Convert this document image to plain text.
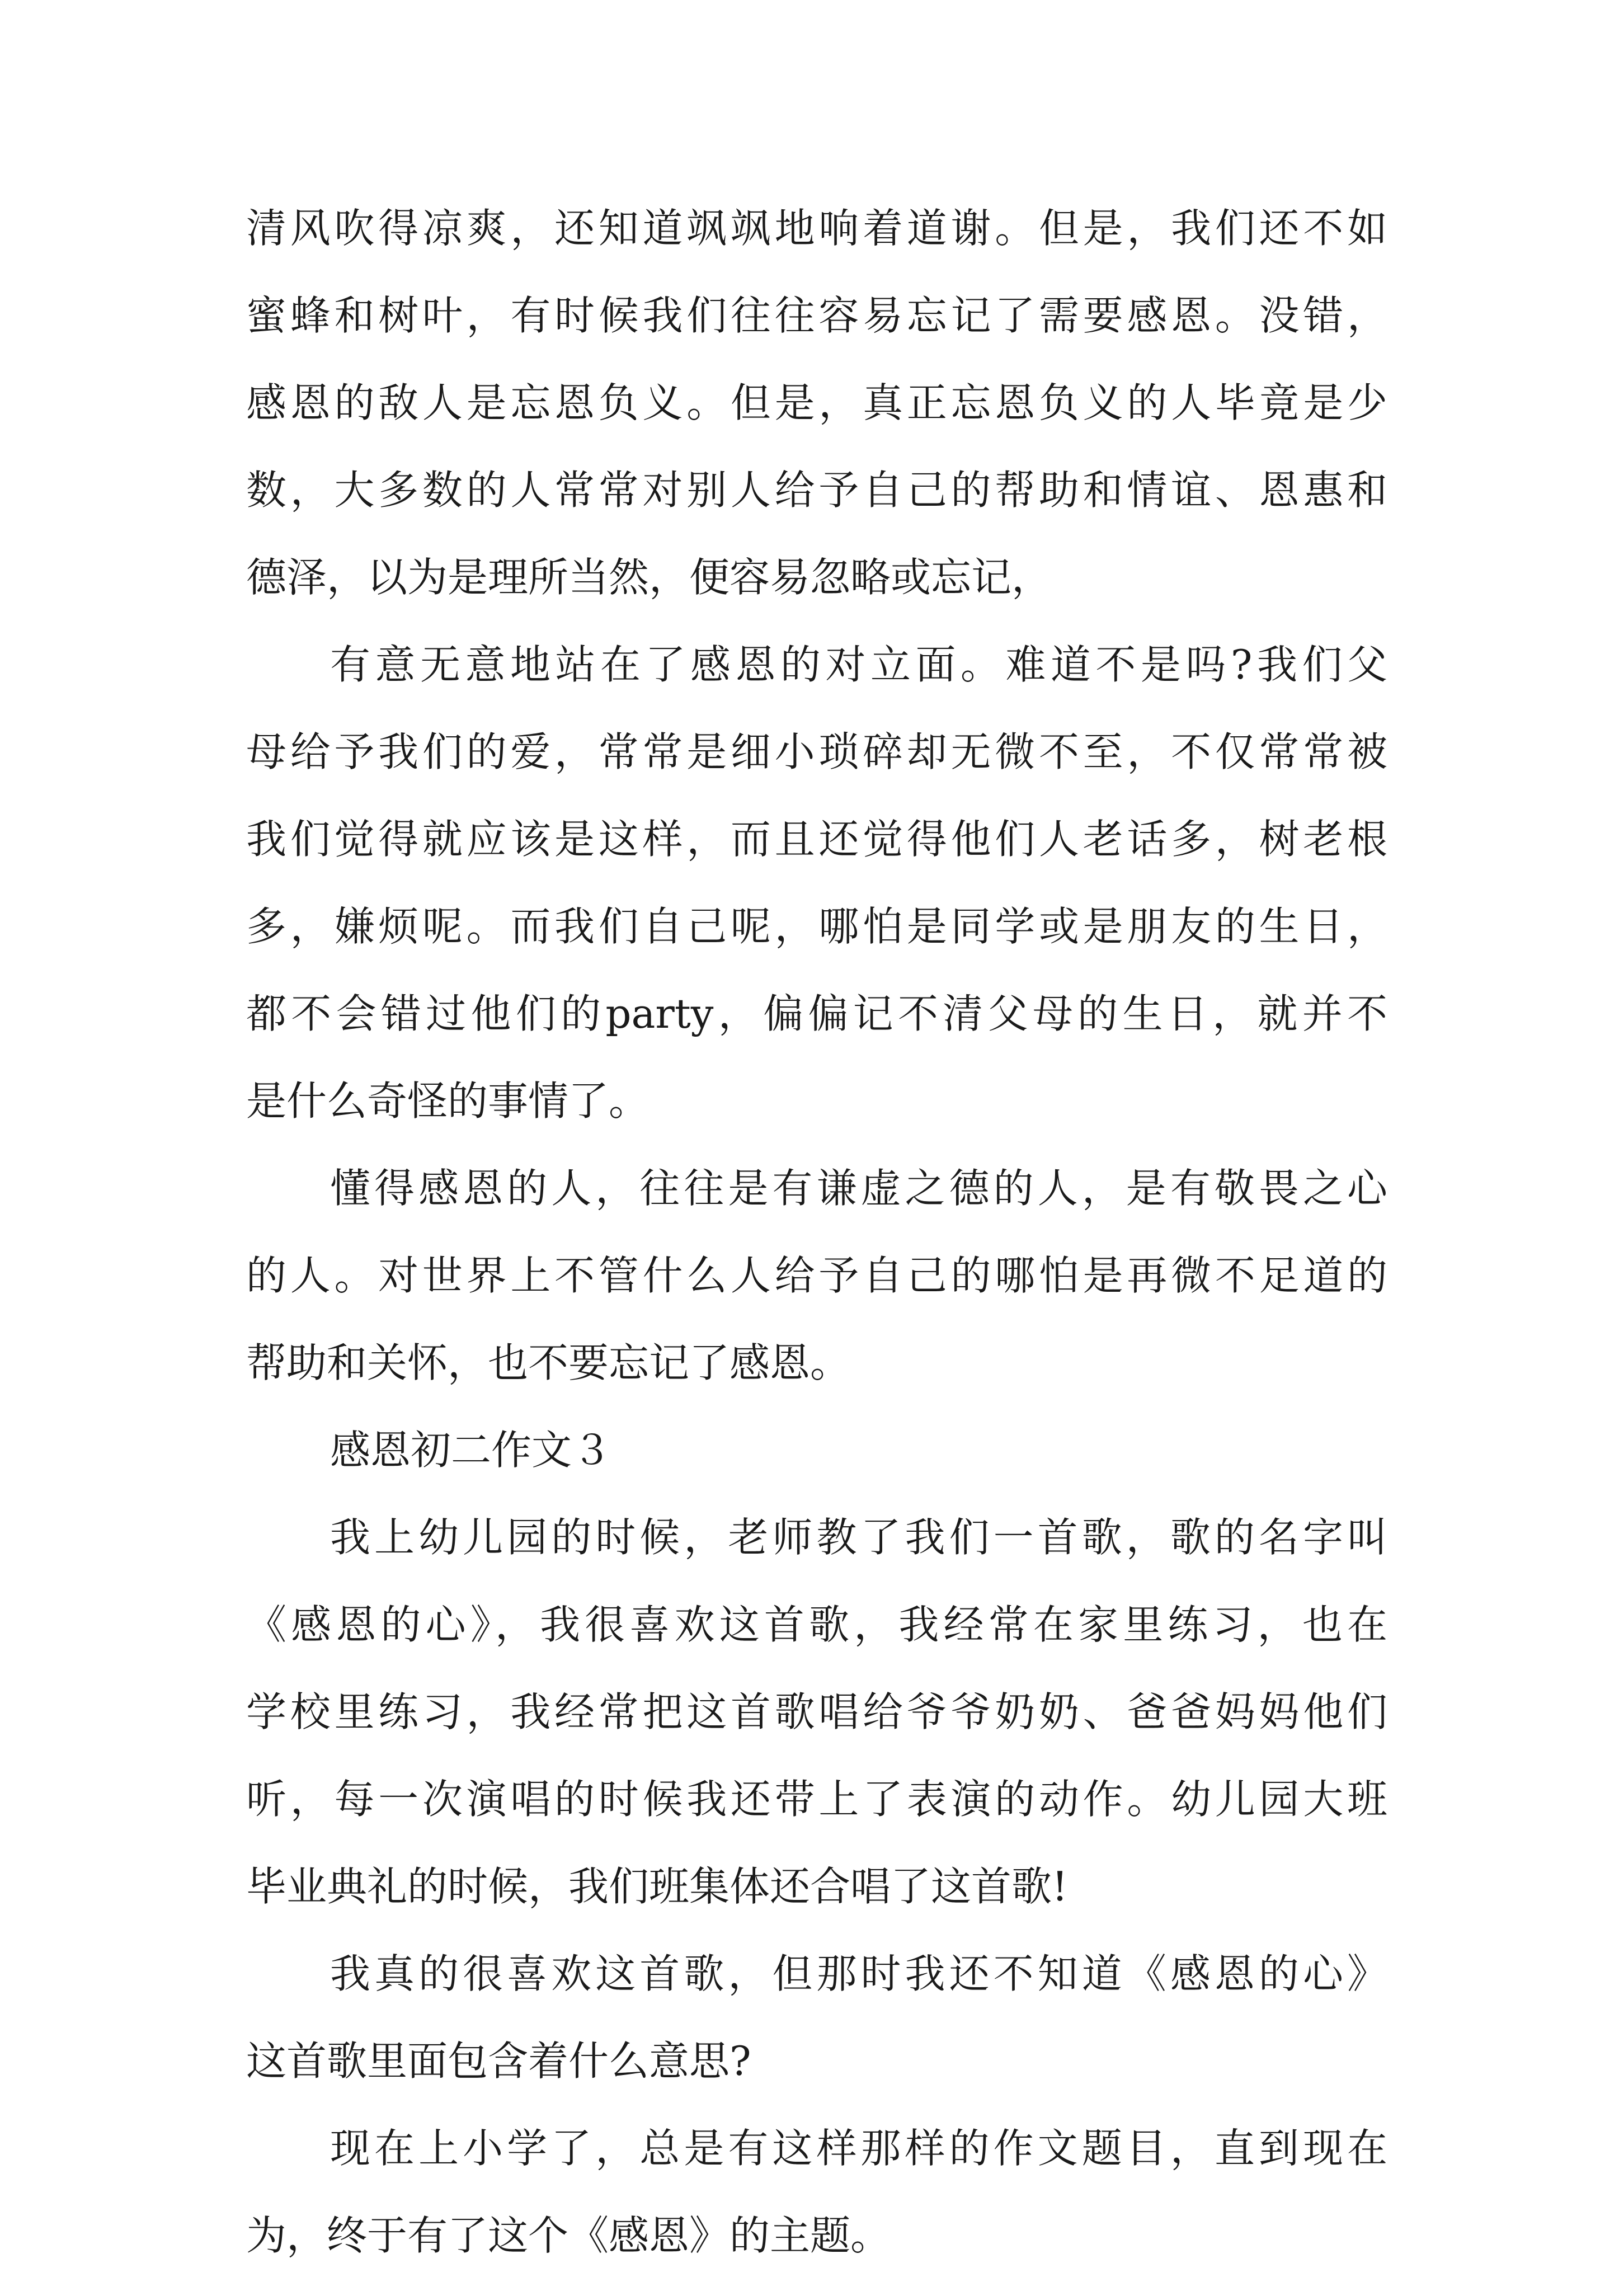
清风吹得凉爽，还知道飒飒地响着道谢。但是，我们还不如
蜜蜂和树叶，有时候我们往往容易忘记了需要感恩。没错，
感恩的敌人是忘恩负义。但是，真正忘恩负义的人毕竟是少
数，大多数的人常常对别人给予自己的帮助和情谊、恩惠和
德泽，以为是理所当然，便容易忽略或忘记，
有意无意地站在了感恩的对立面。难道不是吗?我们父
母给予我们的爱，常常是细小琐碎却无微不至，不仅常常被
我们觉得就应该是这样，而且还觉得他们人老话多，树老根
多，嫌烦呢。而我们自己呢，哪怕是同学或是朋友的生日，
都不会错过他们的party，偏偏记不清父母的生日，就并不
是什么奇怪的事情了。
懂得感恩的人，往往是有谦虚之德的人，是有敬畏之心
的人。对世界上不管什么人给予自己的哪怕是再微不足道的
帮助和关怀，也不要忘记了感恩。
感恩初二作文３
我上幼儿园的时候，老师教了我们一首歌，歌的名字叫
《感恩的心》，我很喜欢这首歌，我经常在家里练习，也在
学校里练习，我经常把这首歌唱给爷爷奶奶、爸爸妈妈他们
听，每一次演唱的时候我还带上了表演的动作。幼儿园大班
毕业典礼的时候，我们班集体还合唱了这首歌!
我真的很喜欢这首歌，但那时我还不知道《感恩的心》
这首歌里面包含着什么意思?
现在上小学了，总是有这样那样的作文题目，直到现在
为，终于有了这个《感恩》的主题。
